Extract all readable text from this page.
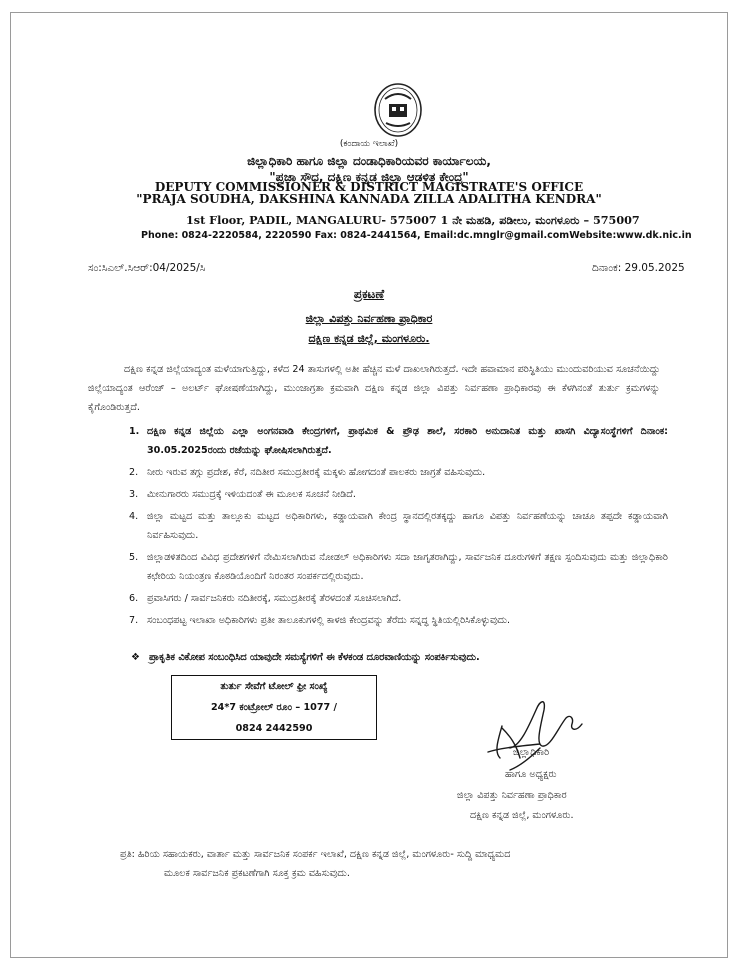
(ಕಂದಾಯ ಇಲಾಖೆ)
ಜಿಲ್ಲಾಧಿಕಾರಿ ಹಾಗೂ ಜಿಲ್ಲಾ ದಂಡಾಧಿಕಾರಿಯವರ ಕಾರ್ಯಾಲಯ,
"ಪ್ರಜಾ ಸೌಧ, ದಕ್ಷಿಣ ಕನ್ನಡ ಜಿಲ್ಲಾ ಆಡಳಿತ ಕೇಂದ್ರ"
DEPUTY COMMISSIONER & DISTRICT MAGISTRATE'S OFFICE
"PRAJA SOUDHA, DAKSHINA KANNADA ZILLA ADALITHA KENDRA"
1st Floor, PADIL, MANGALURU- 575007 1 ನೇ ಮಹಡಿ, ಪಡೀಲು, ಮಂಗಳೂರು – 575007
Phone: 0824-2220584, 2220590 Fax: 0824-2441564, Email:dc.mnglr@gmail.comWebsite:www.dk.nic.in
ಸಂ:ಸಿಎಲ್.ಸಿಆರ್:04/2025/ಸಿ	ದಿನಾಂಕ: 29.05.2025
ಪ್ರಕಟಣೆ
ಜಿಲ್ಲಾ ವಿಪತ್ತು ನಿರ್ವಹಣಾ ಪ್ರಾಧಿಕಾರ
ದಕ್ಷಿಣ ಕನ್ನಡ ಜಿಲ್ಲೆ, ಮಂಗಳೂರು.
ದಕ್ಷಿಣ ಕನ್ನಡ ಜಿಲ್ಲೆಯಾದ್ಯಂತ ಮಳೆಯಾಗುತ್ತಿದ್ದು, ಕಳೆದ 24 ತಾಸುಗಳಲ್ಲಿ ಅತೀ ಹೆಚ್ಚಿನ ಮಳೆ ದಾಖಲಾಗಿರುತ್ತದೆ. ಇದೇ ಹವಾಮಾನ ಪರಿಸ್ಥಿತಿಯು ಮುಂದುವರಿಯುವ ಸೂಚನೆಯಿದ್ದು ಜಿಲ್ಲೆಯಾದ್ಯಂತ ಆರೆಂಜ್ – ಅಲರ್ಟ್ ಘೋಷಣೆಯಾಗಿದ್ದು, ಮುಂಜಾಗ್ರತಾ ಕ್ರಮವಾಗಿ ದಕ್ಷಿಣ ಕನ್ನಡ ಜಿಲ್ಲಾ ವಿಪತ್ತು ನಿರ್ವಹಣಾ ಪ್ರಾಧಿಕಾರವು ಈ ಕೆಳಗಿನಂತೆ ತುರ್ತು ಕ್ರಮಗಳನ್ನು ಕೈಗೊಂಡಿರುತ್ತದೆ.
1. ದಕ್ಷಿಣ ಕನ್ನಡ ಜಿಲ್ಲೆಯ ಎಲ್ಲಾ ಅಂಗನವಾಡಿ ಕೇಂದ್ರಗಳಿಗೆ, ಪ್ರಾಥಮಿಕ & ಪ್ರೌಢ ಶಾಲೆ, ಸರಕಾರಿ ಅನುದಾನಿತ ಮತ್ತು ಖಾಸಗಿ ವಿದ್ಯಾಸಂಸ್ಥೆಗಳಿಗೆ ದಿನಾಂಕ: 30.05.2025ರಂದು ರಜೆಯನ್ನು ಘೋಷಿಸಲಾಗಿರುತ್ತದೆ.
2. ನೀರು ಇರುವ ತಗ್ಗು ಪ್ರದೇಶ, ಕೆರೆ, ನದಿತೀರ ಸಮುದ್ರತೀರಕ್ಕೆ ಮಕ್ಕಳು ಹೋಗದಂತೆ ಪಾಲಕರು ಜಾಗ್ರತೆ ವಹಿಸುವುದು.
3. ಮೀನುಗಾರರು ಸಮುದ್ರಕ್ಕೆ ಇಳಿಯದಂತೆ ಈ ಮೂಲಕ ಸೂಚನೆ ನೀಡಿದೆ.
4. ಜಿಲ್ಲಾ ಮಟ್ಟದ ಮತ್ತು ತಾಲ್ಲೂಕು ಮಟ್ಟದ ಅಧಿಕಾರಿಗಳು, ಕಡ್ಡಾಯವಾಗಿ ಕೇಂದ್ರ ಸ್ಥಾನದಲ್ಲಿರತಕ್ಕದ್ದು ಹಾಗೂ ವಿಪತ್ತು ನಿರ್ವಹಣೆಯನ್ನು ಚಾಚೂ ತಪ್ಪದೇ ಕಡ್ಡಾಯವಾಗಿ ನಿರ್ವಹಿಸುವುದು.
5. ಜಿಲ್ಲಾಡಳಿತದಿಂದ ವಿವಿಧ ಪ್ರದೇಶಗಳಿಗೆ ನೇಮಿಸಲಾಗಿರುವ ನೋಡಲ್ ಅಧಿಕಾರಿಗಳು ಸದಾ ಜಾಗೃತರಾಗಿದ್ದು, ಸಾರ್ವಜನಿಕ ದೂರುಗಳಿಗೆ ತಕ್ಷಣ ಸ್ಪಂದಿಸುವುದು ಮತ್ತು ಜಿಲ್ಲಾಧಿಕಾರಿ ಕಛೇರಿಯ ನಿಯಂತ್ರಣ ಕೊಠಡಿಯೊಂದಿಗೆ ನಿರಂತರ ಸಂಪರ್ಕದಲ್ಲಿರುವುದು.
6. ಪ್ರವಾಸಿಗರು / ಸಾರ್ವಜನಿಕರು ನದಿತೀರಕ್ಕೆ, ಸಮುದ್ರತೀರಕ್ಕೆ ತೆರಳದಂತೆ ಸೂಚಿಸಲಾಗಿದೆ.
7. ಸಂಬಂಧಪಟ್ಟ ಇಲಾಖಾ ಅಧಿಕಾರಿಗಳು ಪ್ರತೀ ತಾಲೂಕುಗಳಲ್ಲಿ ಕಾಳಜಿ ಕೇಂದ್ರವನ್ನು ತೆರೆದು ಸನ್ನದ್ಧ ಸ್ಥಿತಿಯಲ್ಲಿರಿಸಿಕೊಳ್ಳುವುದು.
❖ ಪ್ರಾಕೃತಿಕ ವಿಕೋಪ ಸಂಬಂಧಿಸಿದ ಯಾವುದೇ ಸಮಸ್ಯೆಗಳಿಗೆ ಈ ಕೆಳಕಂಡ ದೂರವಾಣಿಯನ್ನು ಸಂಪರ್ಕಿಸುವುದು.
ತುರ್ತು ಸೇವೆಗೆ ಟೋಲ್ ಫ್ರೀ ಸಂಖ್ಯೆ
24*7 ಕಂಟ್ರೋಲ್ ರೂಂ – 1077 /
0824 2442590
ಜಿಲ್ಲಾಧಿಕಾರಿ
ಹಾಗೂ ಅಧ್ಯಕ್ಷರು
ಜಿಲ್ಲಾ ವಿಪತ್ತು ನಿರ್ವಹಣಾ ಪ್ರಾಧಿಕಾರ
ದಕ್ಷಿಣ ಕನ್ನಡ ಜಿಲ್ಲೆ, ಮಂಗಳೂರು.
ಪ್ರತಿ: ಹಿರಿಯ ಸಹಾಯಕರು, ವಾರ್ತಾ ಮತ್ತು ಸಾರ್ವಜನಿಕ ಸಂಪರ್ಕ ಇಲಾಖೆ, ದಕ್ಷಿಣ ಕನ್ನಡ ಜಿಲ್ಲೆ, ಮಂಗಳೂರು- ಸುದ್ದಿ ಮಾಧ್ಯಮದ
ಮೂಲಕ ಸಾರ್ವಜನಿಕ ಪ್ರಕಟಣೆಗಾಗಿ ಸೂಕ್ತ ಕ್ರಮ ವಹಿಸುವುದು.
